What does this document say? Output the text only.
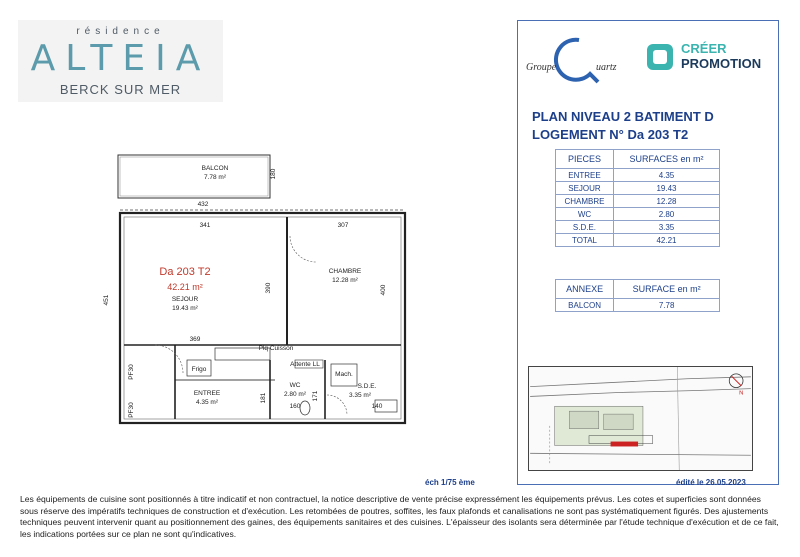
résidence
ALTEIA
BERCK SUR MER
BALCON
7.78 m²
432
180
Frigo
Plq Cuisson
Attente LL
Mach.
Da 203 T2
42.21 m²
SEJOUR
19.43 m²
369
341
451
CHAMBRE
12.28 m²
307
400
390
WC
2.80 m²
160
171
S.D.E.
3.35 m²
140
ENTREE
4.35 m²	181
PF30
PF30
Groupe	uartz
CRÉER
PROMOTION
PLAN NIVEAU 2 BATIMENT D
LOGEMENT N° Da 203 T2
PIECES	SURFACES en m²
ENTREE	4.35
SEJOUR	19.43
CHAMBRE	12.28
WC	2.80
S.D.E.	3.35
TOTAL	42.21
ANNEXE	SURFACE en m²
BALCON	7.78
N
éch 1/75 ème	édité le 26.05.2023
Les équipements de cuisine sont positionnés à titre indicatif et non contractuel, la notice descriptive de vente précise expressément les équipements prévus. Les cotes et superficies sont données sous réserve des impératifs techniques de construction et d'exécution. Les retombées de poutres, soffites, les faux plafonds et canalisations ne sont pas systématiquement figurés. Des ajustements techniques peuvent intervenir quant au positionnement des gaines, des équipements sanitaires et des cuisines. L'épaisseur des isolants sera déterminée par l'étude technique d'exécution et de ce fait, les indications portées sur ce plan ne sont qu'indicatives.
